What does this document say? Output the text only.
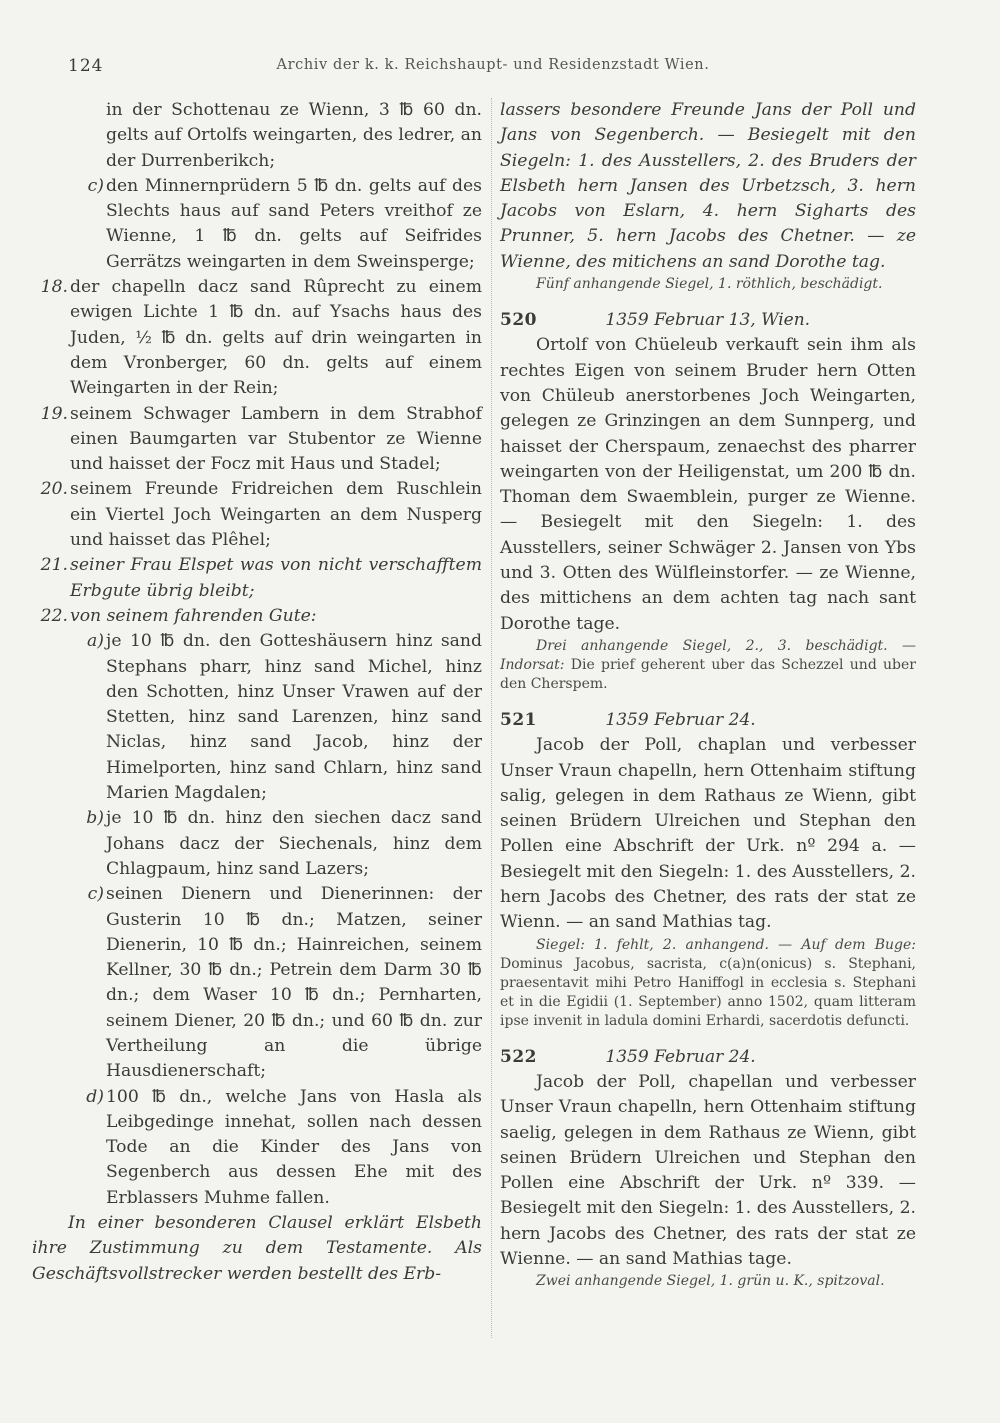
124	Archiv der k. k. Reichshaupt- und Residenzstadt Wien.
in der Schottenau ze Wienn, 3 ℔ 60 dn. gelts auf Ortolfs weingarten, des ledrer, an der Durrenberikch;
c) den Minnernprüdern 5 ℔ dn. gelts auf des Slechts haus auf sand Peters vreithof ze Wienne, 1 ℔ dn. gelts auf Seifrides Gerrätzs weingarten in dem Sweinsperge;
18. der chapelln dacz sand Rûprecht zu einem ewigen Lichte 1 ℔ dn. auf Ysachs haus des Juden, ½ ℔ dn. gelts auf drin weingarten in dem Vronberger, 60 dn. gelts auf einem Weingarten in der Rein;
19. seinem Schwager Lambern in dem Strabhof einen Baumgarten var Stubentor ze Wienne und haisset der Focz mit Haus und Stadel;
20. seinem Freunde Fridreichen dem Ruschlein ein Viertel Joch Weingarten an dem Nusperg und haisset das Plêhel;
21. seiner Frau Elspet was von nicht verschafftem Erbgute übrig bleibt;
22. von seinem fahrenden Gute:
a) je 10 ℔ dn. den Gotteshäusern hinz sand Stephans pharr, hinz sand Michel, hinz den Schotten, hinz Unser Vrawen auf der Stetten, hinz sand Larenzen, hinz sand Niclas, hinz sand Jacob, hinz der Himelporten, hinz sand Chlarn, hinz sand Marien Magdalen;
b) je 10 ℔ dn. hinz den siechen dacz sand Johans dacz der Siechenals, hinz dem Chlagpaum, hinz sand Lazers;
c) seinen Dienern und Dienerinnen: der Gusterin 10 ℔ dn.; Matzen, seiner Dienerin, 10 ℔ dn.; Hainreichen, seinem Kellner, 30 ℔ dn.; Petrein dem Darm 30 ℔ dn.; dem Waser 10 ℔ dn.; Pernharten, seinem Diener, 20 ℔ dn.; und 60 ℔ dn. zur Vertheilung an die übrige Hausdienerschaft;
d) 100 ℔ dn., welche Jans von Hasla als Leibgedinge innehat, sollen nach dessen Tode an die Kinder des Jans von Segenberch aus dessen Ehe mit des Erblassers Muhme fallen.
In einer besonderen Clausel erklärt Elsbeth ihre Zustimmung zu dem Testamente. Als Geschäftsvollstrecker werden bestellt des Erb-
lassers besondere Freunde Jans der Poll und Jans von Segenberch. — Besiegelt mit den Siegeln: 1. des Ausstellers, 2. des Bruders der Elsbeth hern Jansen des Urbetzsch, 3. hern Jacobs von Eslarn, 4. hern Sigharts des Prunner, 5. hern Jacobs des Chetner. — ze Wienne, des mitichens an sand Dorothe tag.
Fünf anhangende Siegel, 1. röthlich, beschädigt.
520	1359 Februar 13, Wien.
Ortolf von Chüeleub verkauft sein ihm als rechtes Eigen von seinem Bruder hern Otten von Chüleub anerstorbenes Joch Weingarten, gelegen ze Grinzingen an dem Sunnperg, und haisset der Cherspaum, zenaechst des pharrer weingarten von der Heiligenstat, um 200 ℔ dn. Thoman dem Swaemblein, purger ze Wienne. — Besiegelt mit den Siegeln: 1. des Ausstellers, seiner Schwäger 2. Jansen von Ybs und 3. Otten des Wülfleinstorfer. — ze Wienne, des mittichens an dem achten tag nach sant Dorothe tage.
Drei anhangende Siegel, 2., 3. beschädigt. — Indorsat: Die prief geherent uber das Schezzel und uber den Cherspem.
521	1359 Februar 24.
Jacob der Poll, chaplan und verbesser Unser Vraun chapelln, hern Ottenhaim stiftung salig, gelegen in dem Rathaus ze Wienn, gibt seinen Brüdern Ulreichen und Stephan den Pollen eine Abschrift der Urk. nº 294 a. — Besiegelt mit den Siegeln: 1. des Ausstellers, 2. hern Jacobs des Chetner, des rats der stat ze Wienn. — an sand Mathias tag.
Siegel: 1. fehlt, 2. anhangend. — Auf dem Buge: Dominus Jacobus, sacrista, c(a)n(onicus) s. Stephani, praesentavit mihi Petro Haniffogl in ecclesia s. Stephani et in die Egidii (1. September) anno 1502, quam litteram ipse invenit in ladula domini Erhardi, sacerdotis defuncti.
522	1359 Februar 24.
Jacob der Poll, chapellan und verbesser Unser Vraun chapelln, hern Ottenhaim stiftung saelig, gelegen in dem Rathaus ze Wienn, gibt seinen Brüdern Ulreichen und Stephan den Pollen eine Abschrift der Urk. nº 339. — Besiegelt mit den Siegeln: 1. des Ausstellers, 2. hern Jacobs des Chetner, des rats der stat ze Wienne. — an sand Mathias tage.
Zwei anhangende Siegel, 1. grün u. K., spitzoval.
